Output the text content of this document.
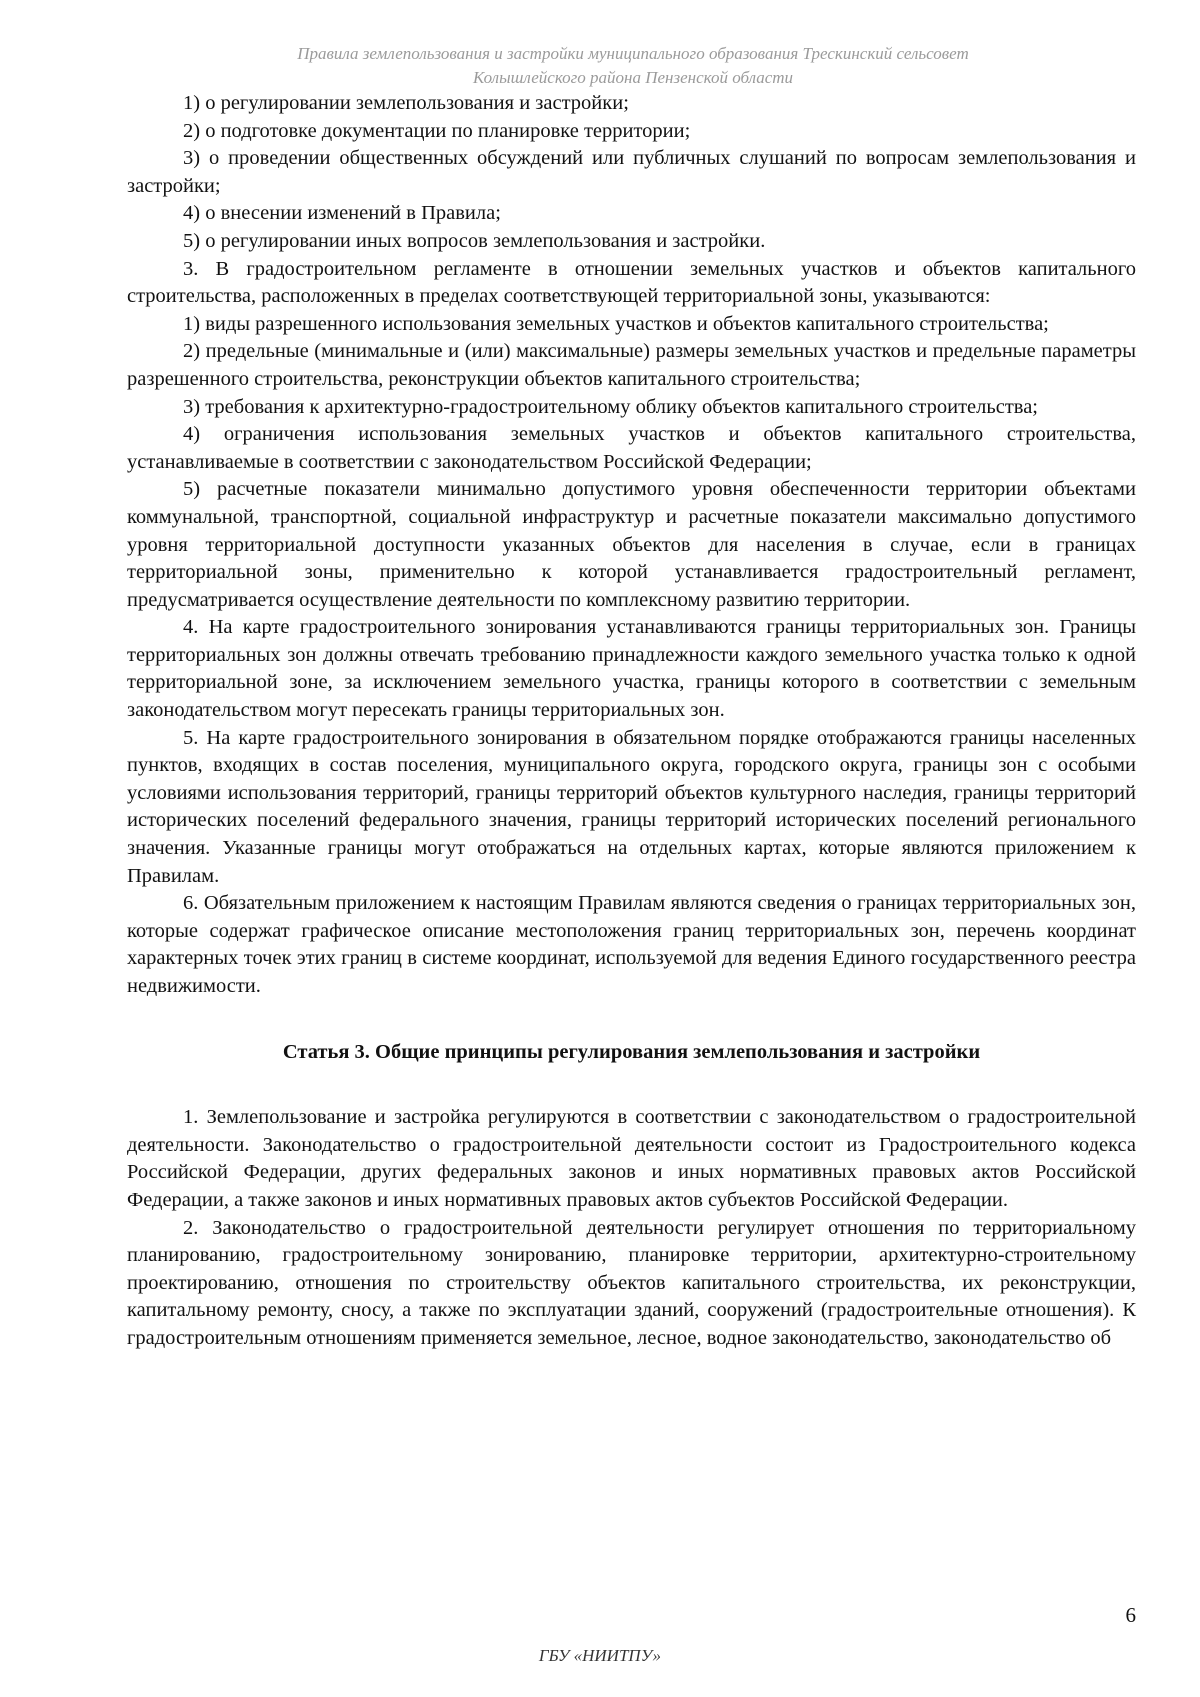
Правила землепользования и застройки муниципального образования Трескинский сельсовет
Колышлейского района Пензенской области

1) о регулировании землепользования и застройки;

2) о подготовке документации по планировке территории;

3) о проведении общественных обсуждений или публичных слушаний по вопросам землепользования и застройки;

4) о внесении изменений в Правила;

5) о регулировании иных вопросов землепользования и застройки.

3. В градостроительном регламенте в отношении земельных участков и объектов капитального строительства, расположенных в пределах соответствующей территориальной зоны, указываются:

1) виды разрешенного использования земельных участков и объектов капитального строительства;

2) предельные (минимальные и (или) максимальные) размеры земельных участков и предельные параметры разрешенного строительства, реконструкции объектов капитального строительства;

3) требования к архитектурно-градостроительному облику объектов капитального строительства;

4) ограничения использования земельных участков и объектов капитального строительства, устанавливаемые в соответствии с законодательством Российской Федерации;

5) расчетные показатели минимально допустимого уровня обеспеченности территории объектами коммунальной, транспортной, социальной инфраструктур и расчетные показатели максимально допустимого уровня территориальной доступности указанных объектов для населения в случае, если в границах территориальной зоны, применительно к которой устанавливается градостроительный регламент, предусматривается осуществление деятельности по комплексному развитию территории.

4. На карте градостроительного зонирования устанавливаются границы территориальных зон. Границы территориальных зон должны отвечать требованию принадлежности каждого земельного участка только к одной территориальной зоне, за исключением земельного участка, границы которого в соответствии с земельным законодательством могут пересекать границы территориальных зон.

5. На карте градостроительного зонирования в обязательном порядке отображаются границы населенных пунктов, входящих в состав поселения, муниципального округа, городского округа, границы зон с особыми условиями использования территорий, границы территорий объектов культурного наследия, границы территорий исторических поселений федерального значения, границы территорий исторических поселений регионального значения. Указанные границы могут отображаться на отдельных картах, которые являются приложением к Правилам.

6. Обязательным приложением к настоящим Правилам являются сведения о границах территориальных зон, которые содержат графическое описание местоположения границ территориальных зон, перечень координат характерных точек этих границ в системе координат, используемой для ведения Единого государственного реестра недвижимости.

Статья 3. Общие принципы регулирования землепользования и застройки

1. Землепользование и застройка регулируются в соответствии с законодательством о градостроительной деятельности. Законодательство о градостроительной деятельности состоит из Градостроительного кодекса Российской Федерации, других федеральных законов и иных нормативных правовых актов Российской Федерации, а также законов и иных нормативных правовых актов субъектов Российской Федерации.

2. Законодательство о градостроительной деятельности регулирует отношения по территориальному планированию, градостроительному зонированию, планировке территории, архитектурно-строительному проектированию, отношения по строительству объектов капитального строительства, их реконструкции, капитальному ремонту, сносу, а также по эксплуатации зданий, сооружений (градостроительные отношения). К градостроительным отношениям применяется земельное, лесное, водное законодательство, законодательство об

6
ГБУ «НИИТПУ»
